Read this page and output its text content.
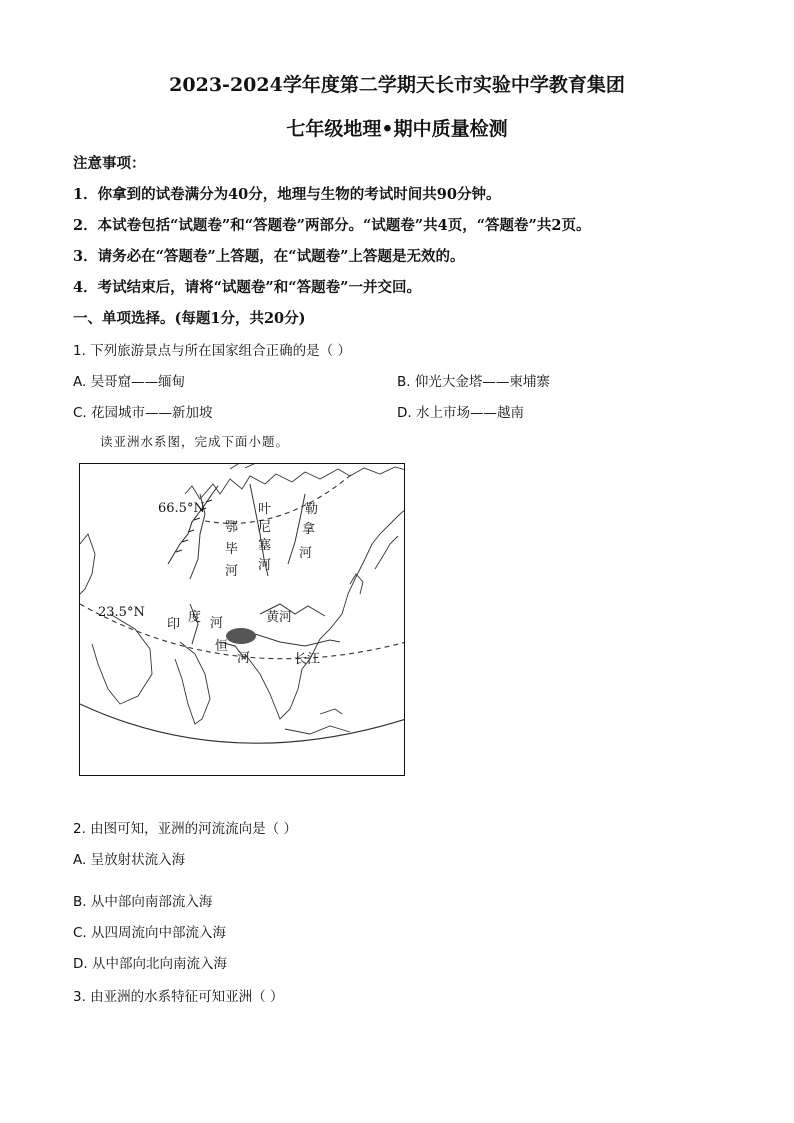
2023-2024学年度第二学期天长市实验中学教育集团
七年级地理•期中质量检测
注意事项：
1．你拿到的试卷满分为40分，地理与生物的考试时间共90分钟。
2．本试卷包括“试题卷”和“答题卷”两部分。“试题卷”共4页，“答题卷”共2页。
3．请务必在“答题卷”上答题，在“试题卷”上答题是无效的。
4．考试结束后，请将“试题卷”和“答题卷”一并交回。
一、单项选择。(每题1分，共20分)
1. 下列旅游景点与所在国家组合正确的是（ ）
A. 吴哥窟——缅甸	B. 仰光大金塔——柬埔寨
C. 花园城市——新加坡	D. 水上市场——越南
读亚洲水系图，完成下面小题。
66.5°N
23.5°N
鄂
毕
河
叶
尼
塞
河
勒
拿
河
印 度 河
恒
河
黄河
长江
2. 由图可知，亚洲的河流流向是（ ）
A. 呈放射状流入海
B. 从中部向南部流入海
C. 从四周流向中部流入海
D. 从中部向北向南流入海
3. 由亚洲的水系特征可知亚洲（ ）
